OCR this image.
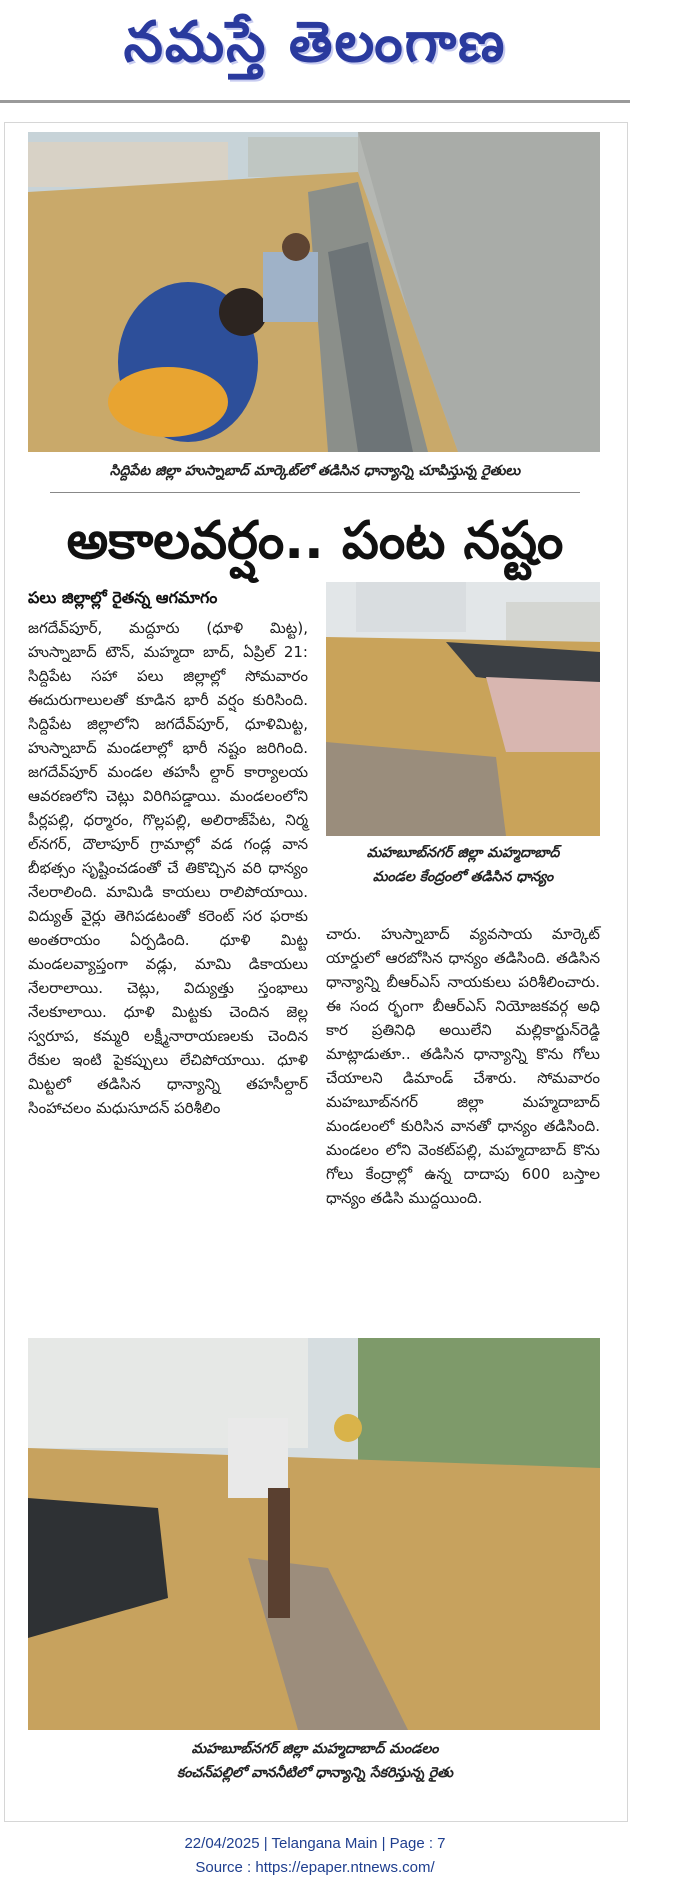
నమస్తే తెలంగాణ
సిద్దిపేట జిల్లా హుస్నాబాద్ మార్కెట్‌లో తడిసిన ధాన్యాన్ని చూపిస్తున్న రైతులు
అకాలవర్షం.. పంట నష్టం
పలు జిల్లాల్లో రైతన్న ఆగమాగం
జగదేవ్‌పూర్, మద్దూరు (ధూళి మిట్ట), హుస్నాబాద్ టౌన్, మహ్మదా బాద్, ఏప్రిల్ 21: సిద్దిపేట సహా పలు జిల్లాల్లో సోమవారం ఈదురుగాలులతో కూడిన భారీ వర్షం కురిసింది. సిద్దిపేట జిల్లాలోని జగదేవ్‌పూర్, ధూళిమిట్ట, హుస్నాబాద్ మండలాల్లో భారీ నష్టం జరిగింది. జగదేవ్‌పూర్ మండల తహసీ ల్దార్ కార్యాలయ ఆవరణలోని చెట్లు విరిగిపడ్డాయి. మండలంలోని పీర్లపల్లి, ధర్మారం, గొల్లపల్లి, అలిరాజ్‌పేట, నిర్మ ల్‌నగర్, దౌలాపూర్ గ్రామాల్లో వడ గండ్ల వాన బీభత్సం సృష్టించడంతో చే తికొచ్చిన వరి ధాన్యం నేలరాలింది. మామిడి కాయలు రాలిపోయాయి. విద్యుత్ వైర్లు తెగిపడటంతో కరెంట్ సర ఫరాకు అంతరాయం ఏర్పడింది. ధూళి మిట్ట మండలవ్యాప్తంగా వడ్లు, మామి డికాయలు నేలరాలాయి. చెట్లు, విద్యుత్తు స్తంభాలు నేలకూలాయి. ధూళి మిట్టకు చెందిన జెల్ల స్వరూప, కమ్మరి లక్ష్మీనారాయణలకు చెందిన రేకుల ఇంటి పైకప్పులు లేచిపోయాయి. ధూళి మిట్టలో తడిసిన ధాన్యాన్ని తహసీల్దార్ సింహాచలం మధుసూదన్ పరిశీలిం
మహబూబ్‌నగర్ జిల్లా మహ్మదాబాద్
మండల కేంద్రంలో తడిసిన ధాన్యం
చారు. హుస్నాబాద్ వ్యవసాయ మార్కెట్ యార్డులో ఆరబోసిన ధాన్యం తడిసింది. తడిసిన ధాన్యాన్ని బీఆర్‌ఎస్ నాయకులు పరిశీలించారు. ఈ సంద ర్భంగా బీఆర్‌ఎస్ నియోజకవర్గ అధి కార ప్రతినిధి అయిలేని మల్లికార్జున్‌రెడ్డి మాట్లాడుతూ.. తడిసిన ధాన్యాన్ని కొను గోలు చేయాలని డిమాండ్ చేశారు. సోమవారం మహబూబ్‌నగర్ జిల్లా మహ్మదాబాద్ మండలంలో కురిసిన వానతో ధాన్యం తడిసింది. మండలం లోని వెంకట్‌పల్లి, మహ్మదాబాద్ కొను గోలు కేంద్రాల్లో ఉన్న దాదాపు 600 బస్తాల ధాన్యం తడిసి ముద్దయింది.
మహబూబ్‌నగర్ జిల్లా మహ్మదాబాద్ మండలం
కంచన్‌పల్లిలో వాననీటిలో ధాన్యాన్ని సేకరిస్తున్న రైతు
22/04/2025 | Telangana Main | Page : 7
Source : https://epaper.ntnews.com/
